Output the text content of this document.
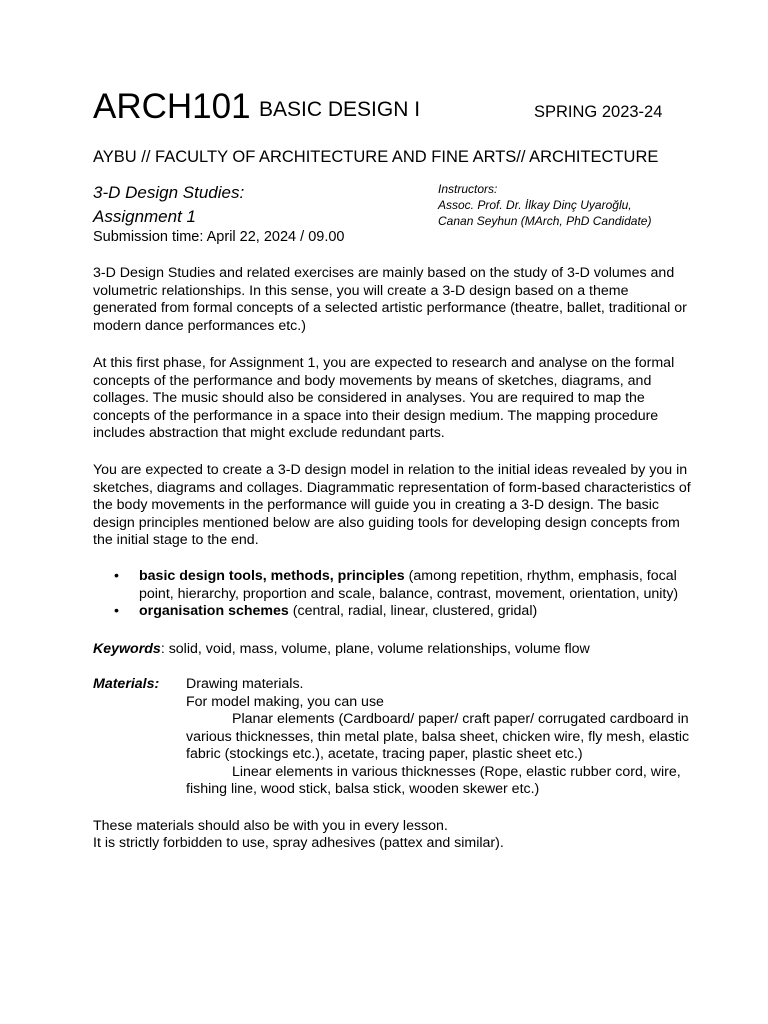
ARCH101 BASIC DESIGN I	SPRING 2023-24
AYBU // FACULTY OF ARCHITECTURE AND FINE ARTS// ARCHITECTURE
3-D Design Studies:
Assignment 1
Submission time: April 22, 2024 / 09.00
Instructors:
Assoc. Prof. Dr. İlkay Dinç Uyaroğlu,
Canan Seyhun (MArch, PhD Candidate)

3-D Design Studies and related exercises are mainly based on the study of 3-D volumes and volumetric relationships. In this sense, you will create a 3-D design based on a theme generated from formal concepts of a selected artistic performance (theatre, ballet, traditional or modern dance performances etc.)

At this first phase, for Assignment 1, you are expected to research and analyse on the formal concepts of the performance and body movements by means of sketches, diagrams, and collages. The music should also be considered in analyses. You are required to map the concepts of the performance in a space into their design medium. The mapping procedure includes abstraction that might exclude redundant parts.

You are expected to create a 3-D design model in relation to the initial ideas revealed by you in sketches, diagrams and collages. Diagrammatic representation of form-based characteristics of the body movements in the performance will guide you in creating a 3-D design. The basic design principles mentioned below are also guiding tools for developing design concepts from the initial stage to the end.

• basic design tools, methods, principles (among repetition, rhythm, emphasis, focal point, hierarchy, proportion and scale, balance, contrast, movement, orientation, unity)
• organisation schemes (central, radial, linear, clustered, gridal)
Keywords: solid, void, mass, volume, plane, volume relationships, volume flow
Materials: Drawing materials.
For model making, you can use
Planar elements (Cardboard/ paper/ craft paper/ corrugated cardboard in various thicknesses, thin metal plate, balsa sheet, chicken wire, fly mesh, elastic fabric (stockings etc.), acetate, tracing paper, plastic sheet etc.)
Linear elements in various thicknesses (Rope, elastic rubber cord, wire, fishing line, wood stick, balsa stick, wooden skewer etc.)
These materials should also be with you in every lesson.
It is strictly forbidden to use, spray adhesives (pattex and similar).
